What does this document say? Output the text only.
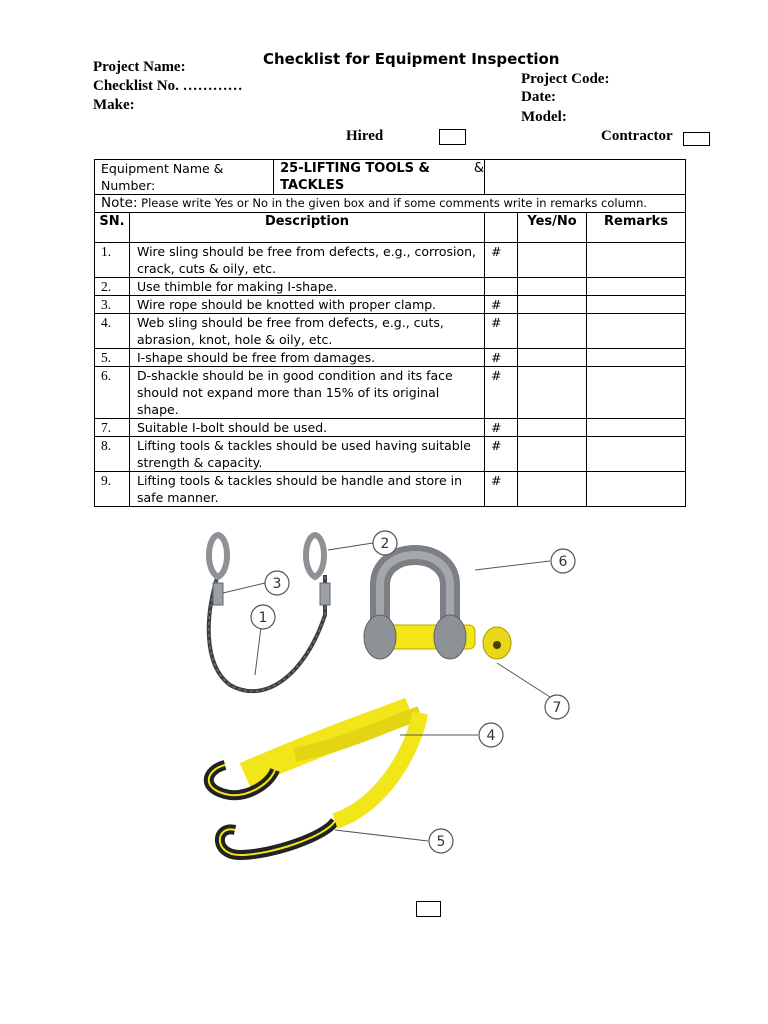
Checklist for Equipment Inspection
Project Name:
Checklist No. …………
Make:
Project Code:
Date:
Model:
Hired	Contractor
Equipment Name & Number:
25-LIFTING TOOLS & TACKLES
&				

Note: Please write Yes or No in the given box and if some comments write in remarks column.				
SN.	Description		Yes/No	Remarks
1.	Wire sling should be free from defects, e.g., corrosion, crack, cuts & oily, etc.	#		
2.	Use thimble for making I-shape.			
3.	Wire rope should be knotted with proper clamp.	#		
4.	Web sling should be free from defects, e.g., cuts, abrasion, knot, hole & oily, etc.	#		
5.	I-shape should be free from damages.	#		
6.	D-shackle should be in good condition and its face should not expand more than 15% of its original shape.	#		
7.	Suitable I-bolt should be used.	#		
8.	Lifting tools & tackles should be used having suitable strength & capacity.	#		
9.	Lifting tools & tackles should be handle and store in safe manner.	#		
1
2
3
4
5
6
7
